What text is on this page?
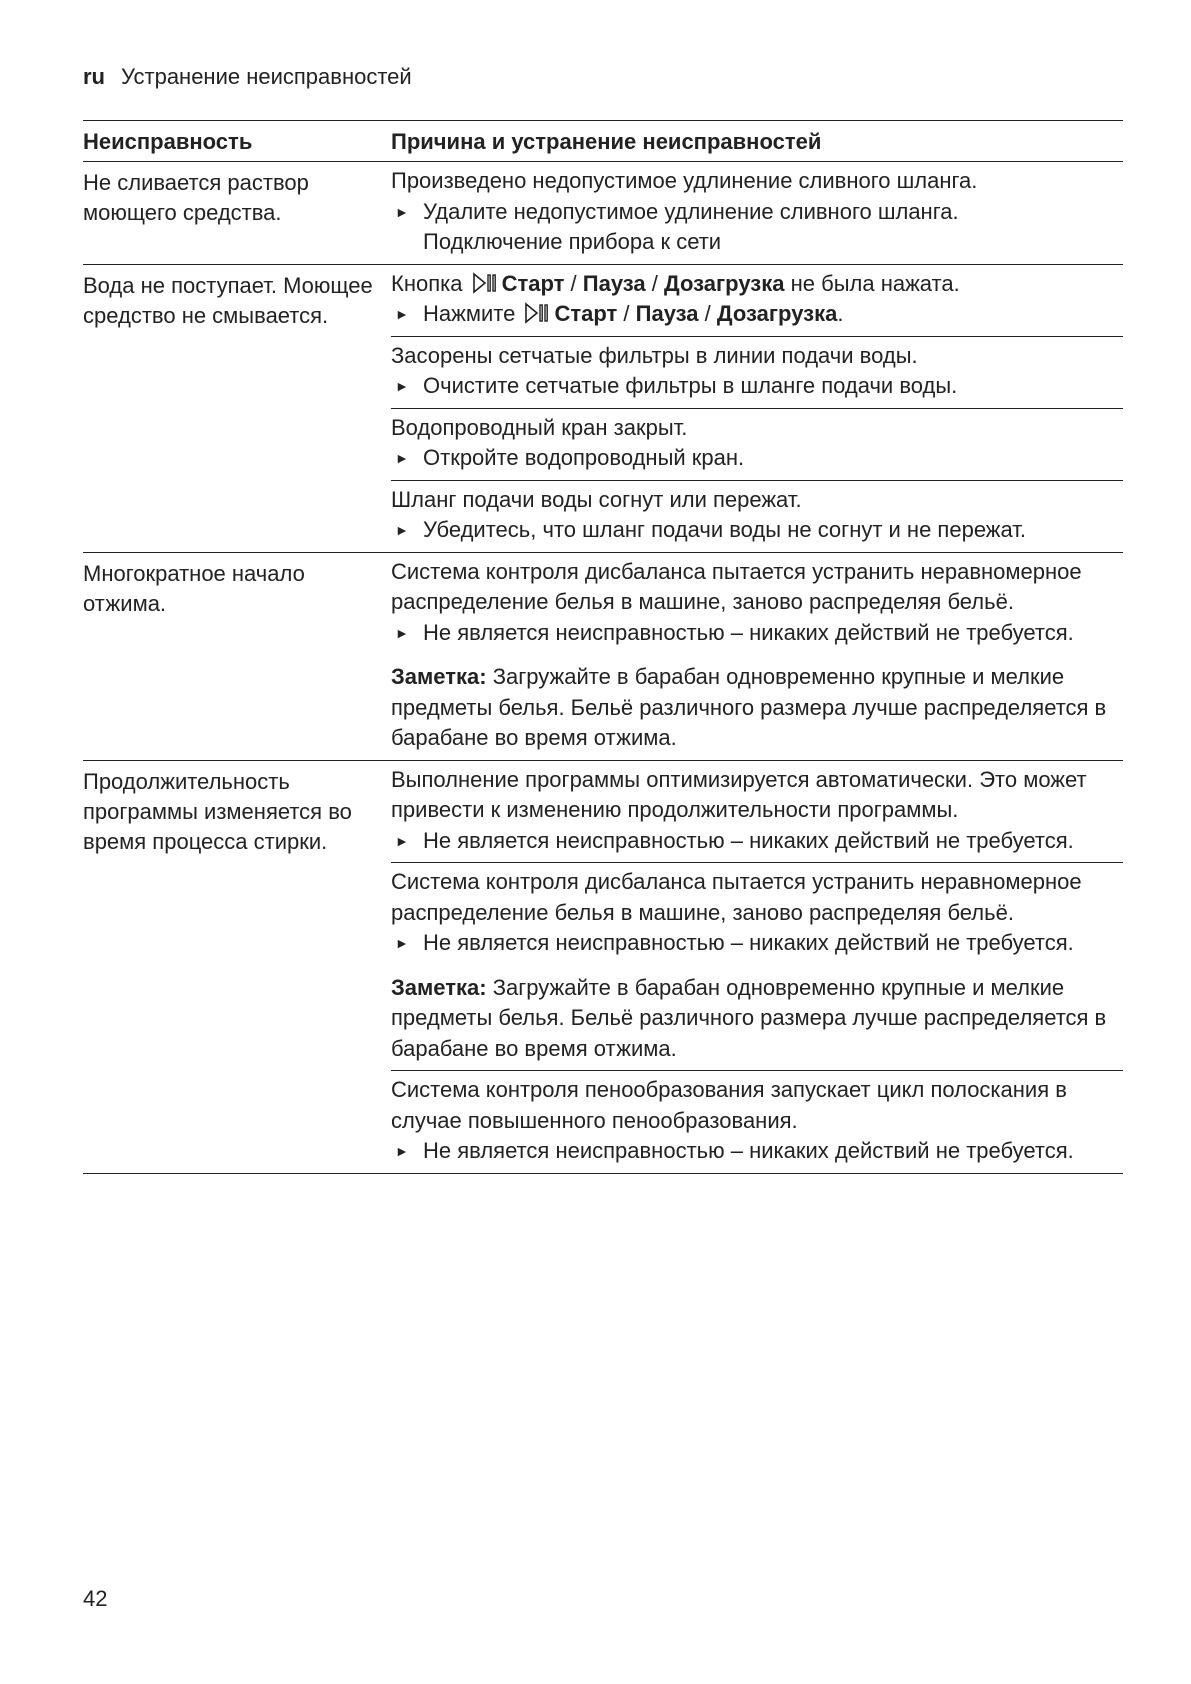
ru Устранение неисправностей
Неисправность	Причина и устранение неисправностей
Не сливается раствор моющего средства.
Произведено недопустимое удлинение сливного шланга.
► Удалите недопустимое удлинение сливного шланга.
Подключение прибора к сети
Вода не поступает. Моющее средство не смывается.
Кнопка Старт / Пауза / Дозагрузка не была нажата.
► Нажмите Старт / Пауза / Дозагрузка.
Засорены сетчатые фильтры в линии подачи воды.
► Очистите сетчатые фильтры в шланге подачи воды.
Водопроводный кран закрыт.
► Откройте водопроводный кран.
Шланг подачи воды согнут или пережат.
► Убедитесь, что шланг подачи воды не согнут и не пережат.
Многократное начало отжима.
Система контроля дисбаланса пытается устранить неравномерное распределение белья в машине, заново распределяя бельё.
► Не является неисправностью – никаких действий не требуется.
Заметка: Загружайте в барабан одновременно крупные и мелкие предметы белья. Бельё различного размера лучше распределяется в барабане во время отжима.
Продолжительность программы изменяется во время процесса стирки.
Выполнение программы оптимизируется автоматически. Это может привести к изменению продолжительности программы.
► Не является неисправностью – никаких действий не требуется.
Система контроля дисбаланса пытается устранить неравномерное распределение белья в машине, заново распределяя бельё.
► Не является неисправностью – никаких действий не требуется.
Заметка: Загружайте в барабан одновременно крупные и мелкие предметы белья. Бельё различного размера лучше распределяется в барабане во время отжима.
Система контроля пенообразования запускает цикл полоскания в случае повышенного пенообразования.
► Не является неисправностью – никаких действий не требуется.
42
